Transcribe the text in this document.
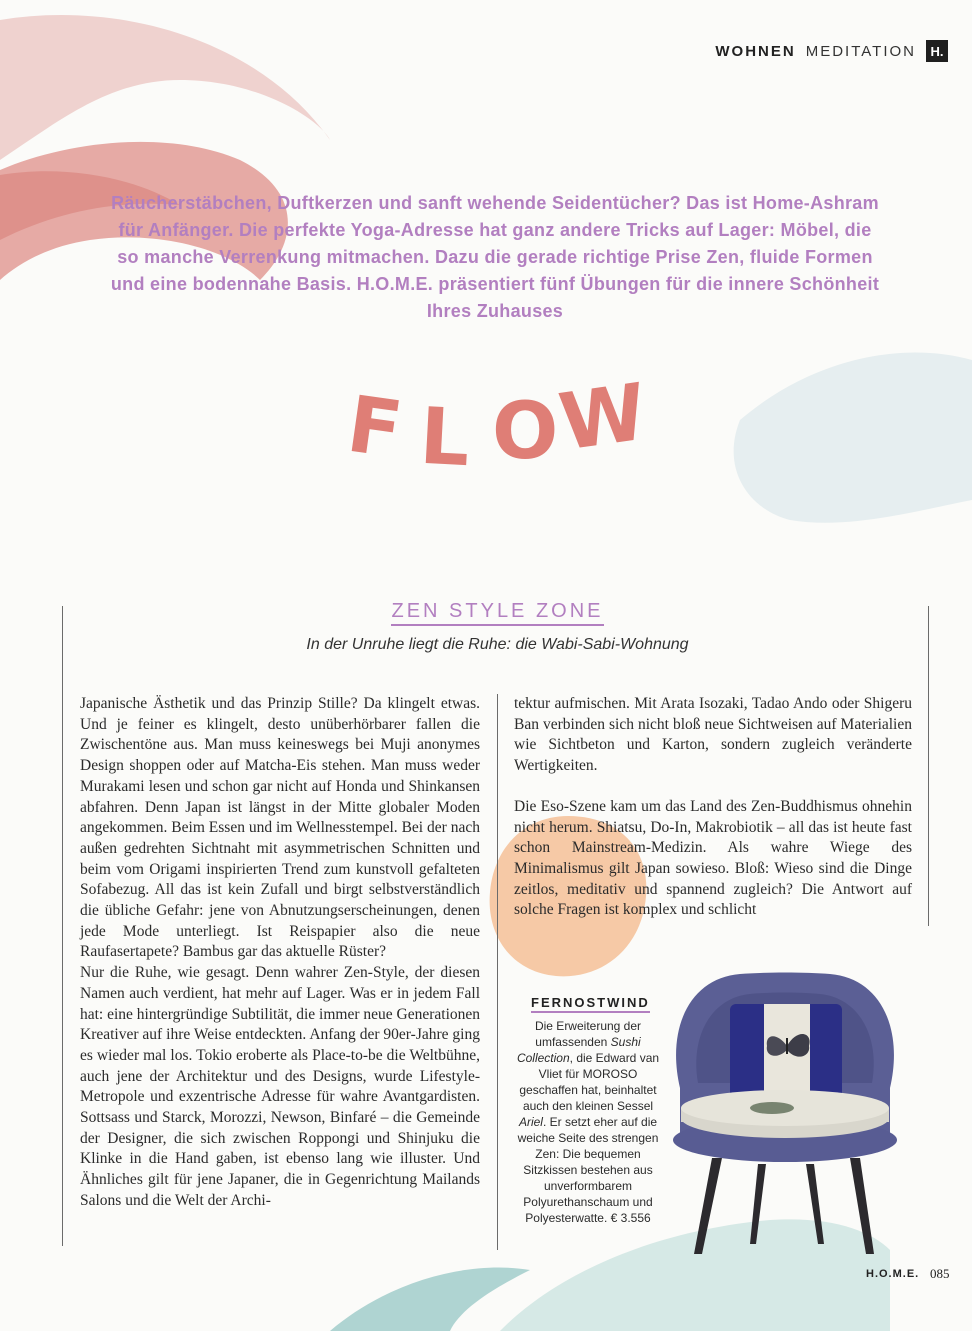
WOHNEN MEDITATION	H.
Räucherstäbchen, Duftkerzen und sanft wehende Seidentücher? Das ist Home-Ashram für Anfänger. Die perfekte Yoga-Adresse hat ganz andere Tricks auf Lager: Möbel, die so manche Verrenkung mitmachen. Dazu die gerade richtige Prise Zen, fluide Formen und eine bodennahe Basis. H.O.M.E. präsentiert fünf Übungen für die innere Schönheit Ihres Zuhauses
F L O
W
ZEN STYLE ZONE
In der Unruhe liegt die Ruhe: die Wabi-Sabi-Wohnung

Japanische Ästhetik und das Prinzip Stille? Da klingelt etwas. Und je feiner es klingelt, desto unüberhörbarer fallen die Zwischentöne aus. Man muss keineswegs bei Muji anonymes Design shoppen oder auf Matcha-Eis stehen. Man muss weder Murakami lesen und schon gar nicht auf Honda und Shinkansen abfahren. Denn Japan ist längst in der Mitte globaler Moden angekommen. Beim Essen und im Wellnesstempel. Bei der nach außen gedrehten Sichtnaht mit asymmetrischen Schnitten und beim vom Origami inspirierten Trend zum kunstvoll gefalteten Sofabezug. All das ist kein Zufall und birgt selbstverständlich die übliche Gefahr: jene von Abnutzungserscheinungen, denen jede Mode unterliegt. Ist Reispapier also die neue Raufasertapete? Bambus gar das aktuelle Rüster?

Nur die Ruhe, wie gesagt. Denn wahrer Zen-Style, der diesen Namen auch verdient, hat mehr auf Lager. Was er in jedem Fall hat: eine hintergründige Subtilität, die immer neue Generationen Kreativer auf ihre Weise entdeckten. Anfang der 90er-Jahre ging es wieder mal los. Tokio eroberte als Place-to-be die Weltbühne, auch jene der Architektur und des Designs, wurde Lifestyle-Metropole und exzentrische Adresse für wahre Avantgardisten. Sottsass und Starck, Morozzi, Newson, Binfaré – die Gemeinde der Designer, die sich zwischen Roppongi und Shinjuku die Klinke in die Hand gaben, ist ebenso lang wie illuster. Und Ähnliches gilt für jene Japaner, die in Gegenrichtung Mailands Salons und die Welt der Archi-

tektur aufmischen. Mit Arata Isozaki, Tadao Ando oder Shigeru Ban verbinden sich nicht bloß neue Sichtweisen auf Materialien wie Sichtbeton und Karton, sondern zugleich veränderte Wertigkeiten.

Die Eso-Szene kam um das Land des Zen-Buddhismus ohnehin nicht herum. Shiatsu, Do-In, Makrobiotik – all das ist heute fast schon Mainstream-Medizin. Als wahre Wiege des Minimalismus gilt Japan sowieso. Bloß: Wieso sind die Dinge zeitlos, meditativ und spannend zugleich? Die Antwort auf solche Fragen ist komplex und schlicht

FERNOSTWIND
Die Erweiterung der umfassenden Sushi Collection, die Edward van Vliet für MOROSO geschaffen hat, beinhaltet auch den kleinen Sessel Ariel. Er setzt eher auf die weiche Seite des strengen Zen: Die bequemen Sitzkissen bestehen aus unverformbarem Polyurethanschaum und Polyesterwatte. € 3.556
H.O.M.E. 085
